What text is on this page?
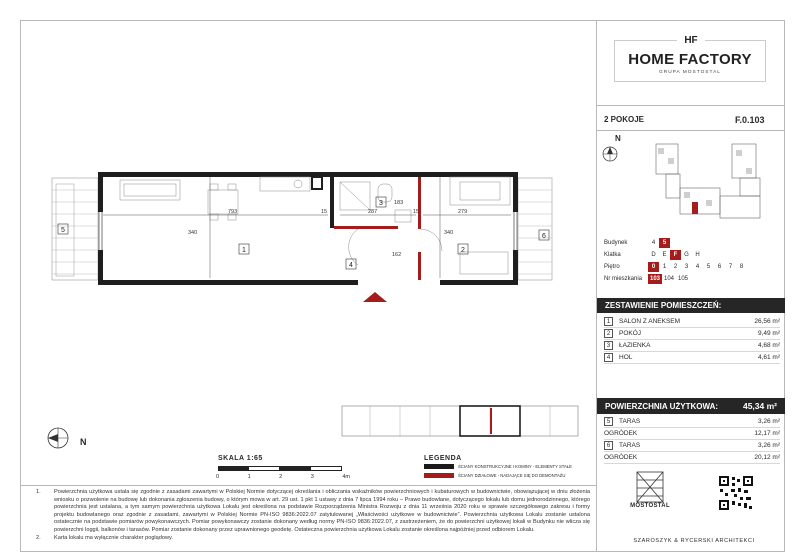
793	15	287	15	279
340
183
340
162
1	2
3
4
5
6
N
SKALA 1:65
0	1	2	3	4m
LEGENDA
ŚCIANY KONSTRUKCYJNE I KOMINY - ELEMENTY STAŁE
ŚCIANY DZIAŁOWE - NADAJĄCE SIĘ DO DEMONTAŻU
1.	Powierzchnia użytkowa ustala się zgodnie z zasadami zawartymi w Polskiej Normie dotyczącej określania i obliczania wskaźników powierzchniowych i kubaturowych w budownictwie, obowiązującej w dniu złożenia wniosku o pozwolenie na budowę lub dokonania zgłoszenia budowy, o którym mowa w art. 29 ust. 1 pkt 1 ustawy z dnia 7 lipca 1994 roku – Prawo budowlane, dotyczącego lokalu lub domu jednorodzinnego, którego powierzchnia jest ustalana, a tym samym powierzchnia użytkowa Lokalu jest określona na podstawie Rozporządzenia Ministra Rozwoju z dnia 11 września 2020 roku w sprawie szczegółowego zakresu i formy projektu budowlanego oraz zgodnie z zasadami, zawartymi w Polskiej Normie PN-ISO 9836:2022.07 zatytułowanej „Właściwości użytkowe w budownictwie”. Powierzchnia użytkowa Lokalu zostanie ustalona ostatecznie na podstawie pomiarów powykonawczych. Pomiar powykonawczy zostanie dokonany według normy PN-ISO 9836:2022.07, z zastrzeżeniem, że do powierzchni użytkowej lokali w Budynku nie wlicza się powierzchni loggii, balkonów i tarasów. Pomiar zostanie dokonany przez uprawnionego geodetę. Ostateczna powierzchnia użytkowa Lokalu zostanie określona najpóźniej przed odbiorem Lokalu.
2.	Karta lokalu ma wyłącznie charakter poglądowy.
HF
HOME FACTORY
GRUPA MOSTOSTAL
2 POKOJE	F.0.103
N
Budynek	4	5
Klatka	D	E	F	G	H
Piętro	0	1	2	3	4	5	6	7	8
Nr mieszkania	103 104 105
ZESTAWIENIE POMIESZCZEŃ:
1	SALON Z ANEKSEM	26,56 m²
2	POKÓJ	9,49 m²
3	ŁAZIENKA	4,68 m²
4	HOL	4,61 m²
POWIERZCHNIA UŻYTKOWA:	45,34 m²
5	TARAS	3,26 m²
OGRÓDEK	12,17 m²
6	TARAS	3,26 m²
OGRÓDEK	20,12 m²
MOSTOSTAL
SZAROSZYK & RYCERSKI ARCHITEKCI
